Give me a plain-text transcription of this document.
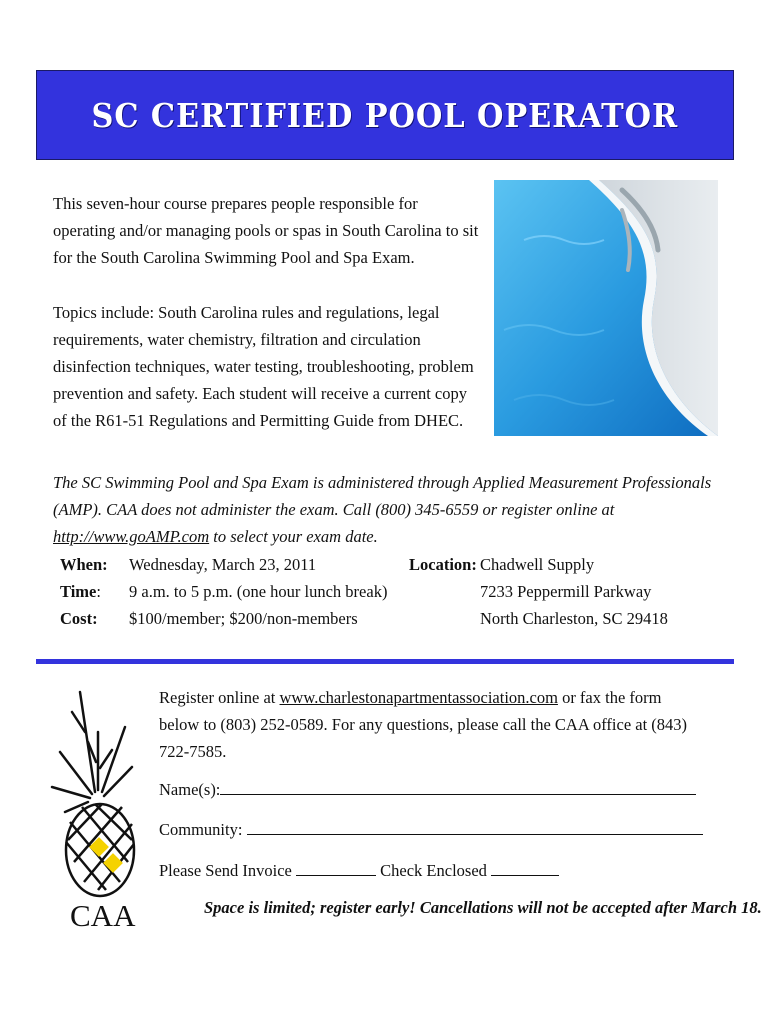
SC CERTIFIED POOL OPERATOR
This seven-hour course prepares people responsible for operating and/or managing pools or spas in South Carolina to sit for the South Carolina Swimming Pool and Spa Exam.
Topics include: South Carolina rules and regulations, legal requirements, water chemistry, filtration and circulation disinfection techniques, water testing, troubleshooting, problem prevention and safety. Each student will receive a current copy of the R61-51 Regulations and Permitting Guide from DHEC.
The SC Swimming Pool and Spa Exam is administered through Applied Measurement Professionals (AMP). CAA does not administer the exam. Call (800) 345-6559 or register online at http://www.goAMP.com to select your exam date.
When:
Time:
Cost:
Wednesday, March 23, 2011
9 a.m. to 5 p.m. (one hour lunch break)
$100/member; $200/non-members
Location: Chadwell Supply
7233 Peppermill Parkway
North Charleston, SC 29418
CAA
Register online at www.charlestonapartmentassociation.com or fax the form below to (803) 252-0589. For any questions, please call the CAA office at (843) 722-7585.
Name(s):
Community:
Please Send Invoice	Check Enclosed
Space is limited; register early! Cancellations will not be accepted after March 18.
